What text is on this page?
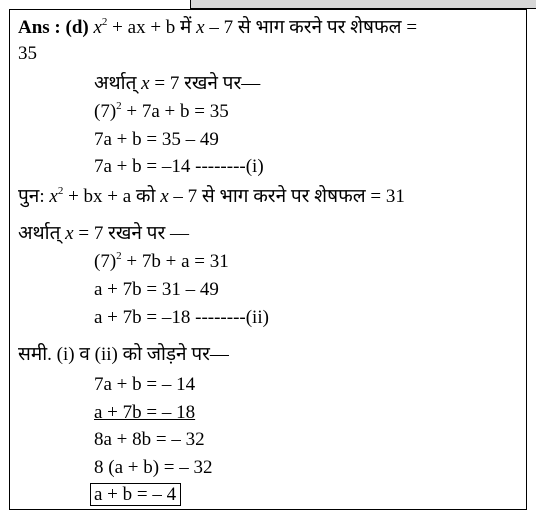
Ans : (d) $x^2$ + ax + b में x – 7 से भाग करने पर शेषफल =
35
अर्थात् x = 7 रखने पर—
$(7)^2 + 7a + b = 35$
7a + b = 35 – 49
7a + b = –14 --------(i)
पुन: $x^2$ + bx + a को x – 7 से भाग करने पर शेषफल = 31
अर्थात् x = 7 रखने पर ––
$(7)^2 + 7b + a = 31$
a + 7b = 31 – 49
a + 7b = –18 --------(ii)
समी. (i) व (ii) को जोड़ने पर—
7a + b = – 14
a + 7b = – 18
8a + 8b = – 32
8 (a + b) = – 32
a + b = – 4
